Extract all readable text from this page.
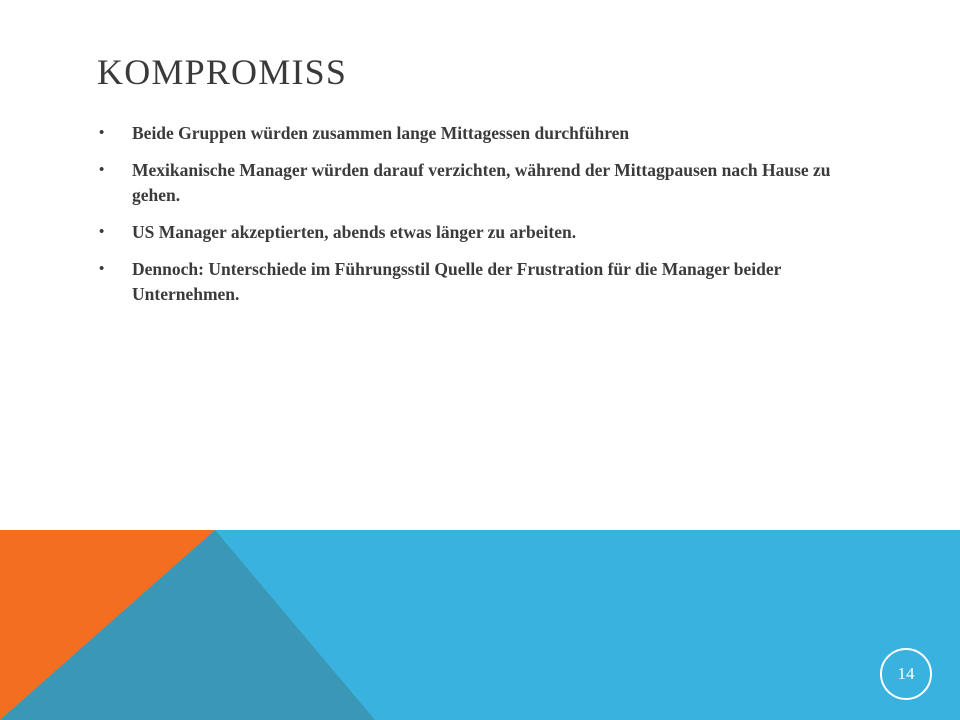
KOMPROMISS
• Beide Gruppen würden zusammen lange Mittagessen durchführen
• Mexikanische Manager würden darauf verzichten, während der Mittagpausen nach Hause zu gehen.
• US Manager akzeptierten, abends etwas länger zu arbeiten.
• Dennoch: Unterschiede im Führungsstil Quelle der Frustration für die Manager beider Unternehmen.
14
